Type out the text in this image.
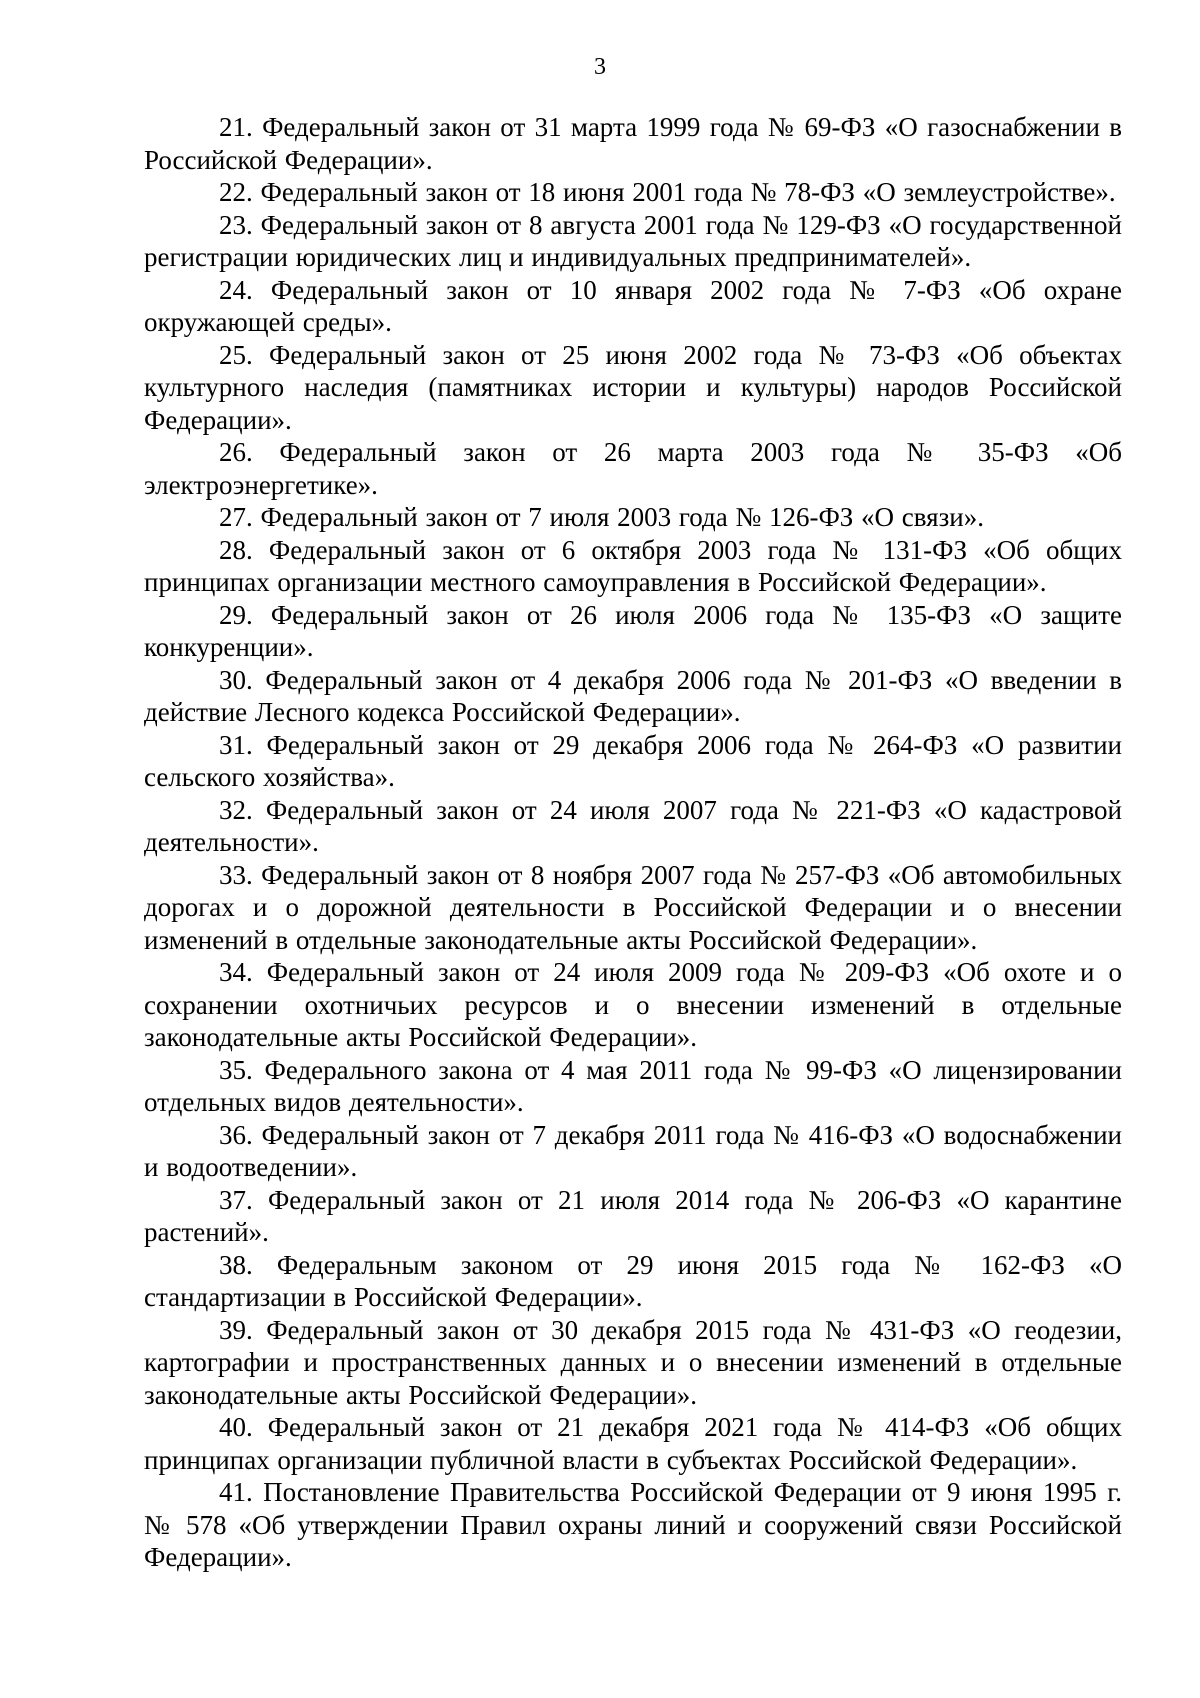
3

21. Федеральный закон от 31 марта 1999 года № 69-ФЗ «О газоснабжении в Российской Федерации».

22. Федеральный закон от 18 июня 2001 года № 78-ФЗ «О землеустройстве».

23. Федеральный закон от 8 августа 2001 года № 129-ФЗ «О государственной регистрации юридических лиц и индивидуальных предпринимателей».

24. Федеральный закон от 10 января 2002 года № 7-ФЗ «Об охране окружающей среды».

25. Федеральный закон от 25 июня 2002 года № 73-ФЗ «Об объектах культурного наследия (памятниках истории и культуры) народов Российской Федерации».

26. Федеральный закон от 26 марта 2003 года № 35-ФЗ «Об электроэнергетике».

27. Федеральный закон от 7 июля 2003 года № 126-ФЗ «О связи».

28. Федеральный закон от 6 октября 2003 года № 131-ФЗ «Об общих принципах организации местного самоуправления в Российской Федерации».

29. Федеральный закон от 26 июля 2006 года № 135-ФЗ «О защите конкуренции».

30. Федеральный закон от 4 декабря 2006 года № 201-ФЗ «О введении в действие Лесного кодекса Российской Федерации».

31. Федеральный закон от 29 декабря 2006 года № 264-ФЗ «О развитии сельского хозяйства».

32. Федеральный закон от 24 июля 2007 года № 221-ФЗ «О кадастровой деятельности».

33. Федеральный закон от 8 ноября 2007 года № 257-ФЗ «Об автомобильных дорогах и о дорожной деятельности в Российской Федерации и о внесении изменений в отдельные законодательные акты Российской Федерации».

34. Федеральный закон от 24 июля 2009 года № 209-ФЗ «Об охоте и о сохранении охотничьих ресурсов и о внесении изменений в отдельные законодательные акты Российской Федерации».

35. Федерального закона от 4 мая 2011 года № 99-ФЗ «О лицензировании отдельных видов деятельности».

36. Федеральный закон от 7 декабря 2011 года № 416-ФЗ «О водоснабжении и водоотведении».

37. Федеральный закон от 21 июля 2014 года № 206-ФЗ «О карантине растений».

38. Федеральным законом от 29 июня 2015 года № 162-ФЗ «О стандартизации в Российской Федерации».

39. Федеральный закон от 30 декабря 2015 года № 431-ФЗ «О геодезии, картографии и пространственных данных и о внесении изменений в отдельные законодательные акты Российской Федерации».

40. Федеральный закон от 21 декабря 2021 года № 414-ФЗ «Об общих принципах организации публичной власти в субъектах Российской Федерации».

41. Постановление Правительства Российской Федерации от 9 июня 1995 г. № 578 «Об утверждении Правил охраны линий и сооружений связи Российской Федерации».
